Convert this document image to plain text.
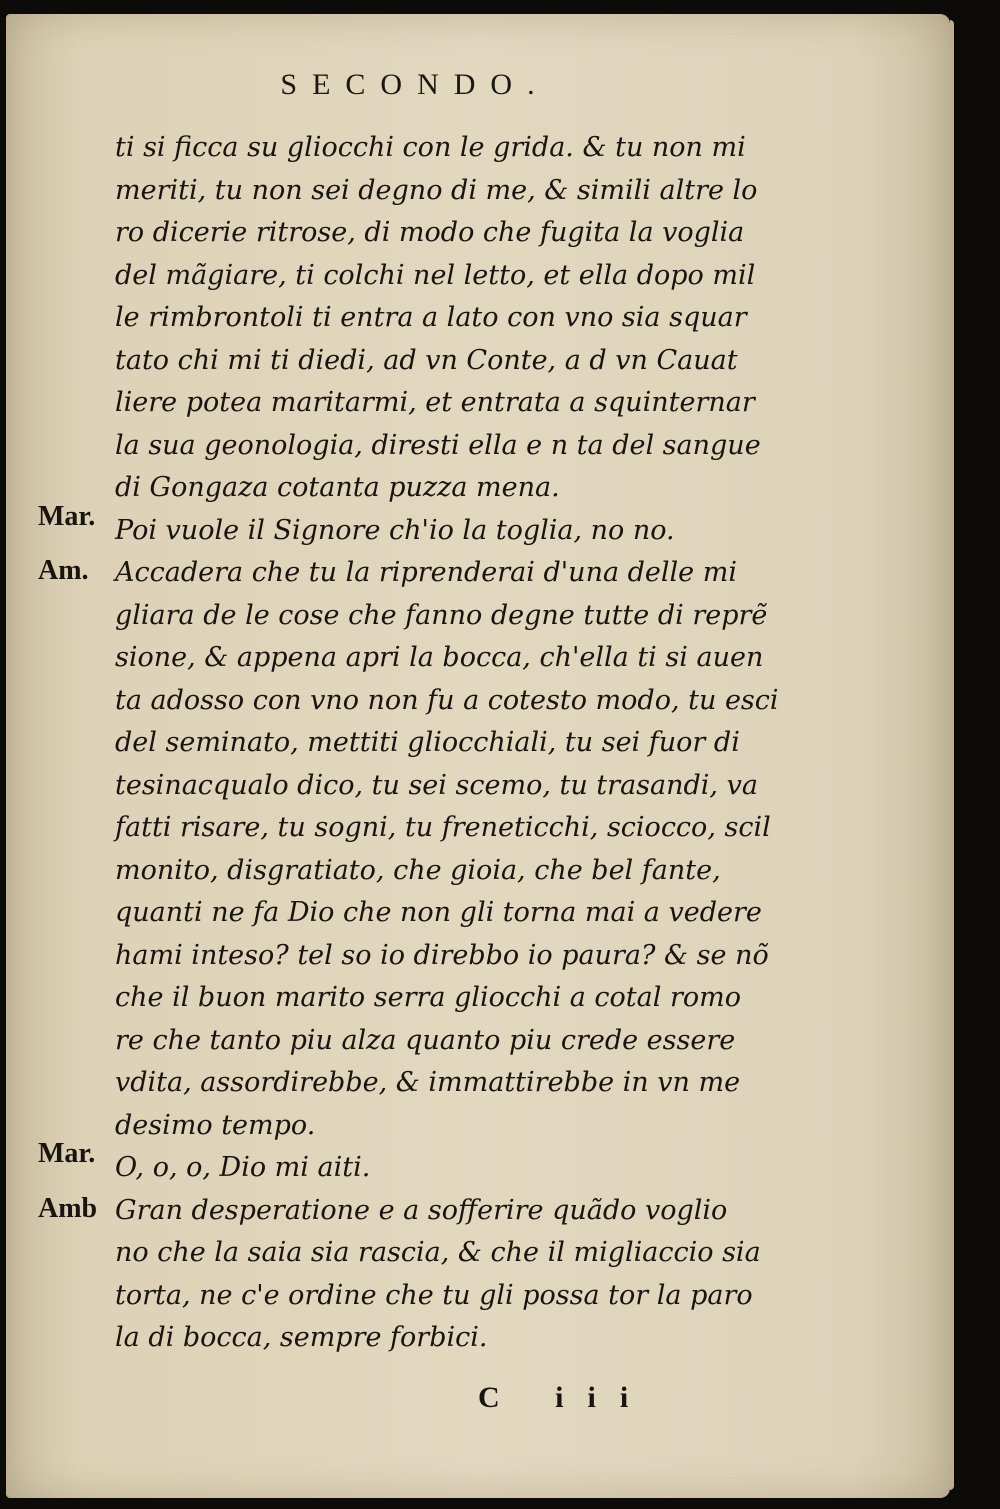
SECONDO.
Mar.
Am.
Mar.
Amb
ti si ficca su gliocchi con le grida. & tu non mi
meriti, tu non sei degno di me, & simili altre lo
ro dicerie ritrose, di modo che fugita la voglia
del mãgiare, ti colchi nel letto, et ella dopo mil
le rimbrontoli ti entra a lato con vno sia squar
tato chi mi ti diedi, ad vn Conte, a d vn Cauat
liere potea maritarmi, et entrata a squinternar
la sua geonologia, diresti ella e n ta del sangue
di Gongaza cotanta puzza mena.
Poi vuole il Signore ch'io la toglia, no no.
Accadera che tu la riprenderai d'una delle mi
gliara de le cose che fanno degne tutte di reprẽ
sione, & appena apri la bocca, ch'ella ti si auen
ta adosso con vno non fu a cotesto modo, tu esci
del seminato, mettiti gliocchiali, tu sei fuor di
tesinacqualo dico, tu sei scemo, tu trasandi, va
fatti risare, tu sogni, tu freneticchi, sciocco, scil
monito, disgratiato, che gioia, che bel fante,
quanti ne fa Dio che non gli torna mai a vedere
hami inteso? tel so io direbbo io paura? & se nõ
che il buon marito serra gliocchi a cotal romo
re che tanto piu alza quanto piu crede essere
vdita, assordirebbe, & immattirebbe in vn me
desimo tempo.
O, o, o, Dio mi aiti.
Gran desperatione e a sofferire quãdo voglio
no che la saia sia rascia, & che il migliaccio sia
torta, ne c'e ordine che tu gli possa tor la paro
la di bocca, sempre forbici.
C iii
